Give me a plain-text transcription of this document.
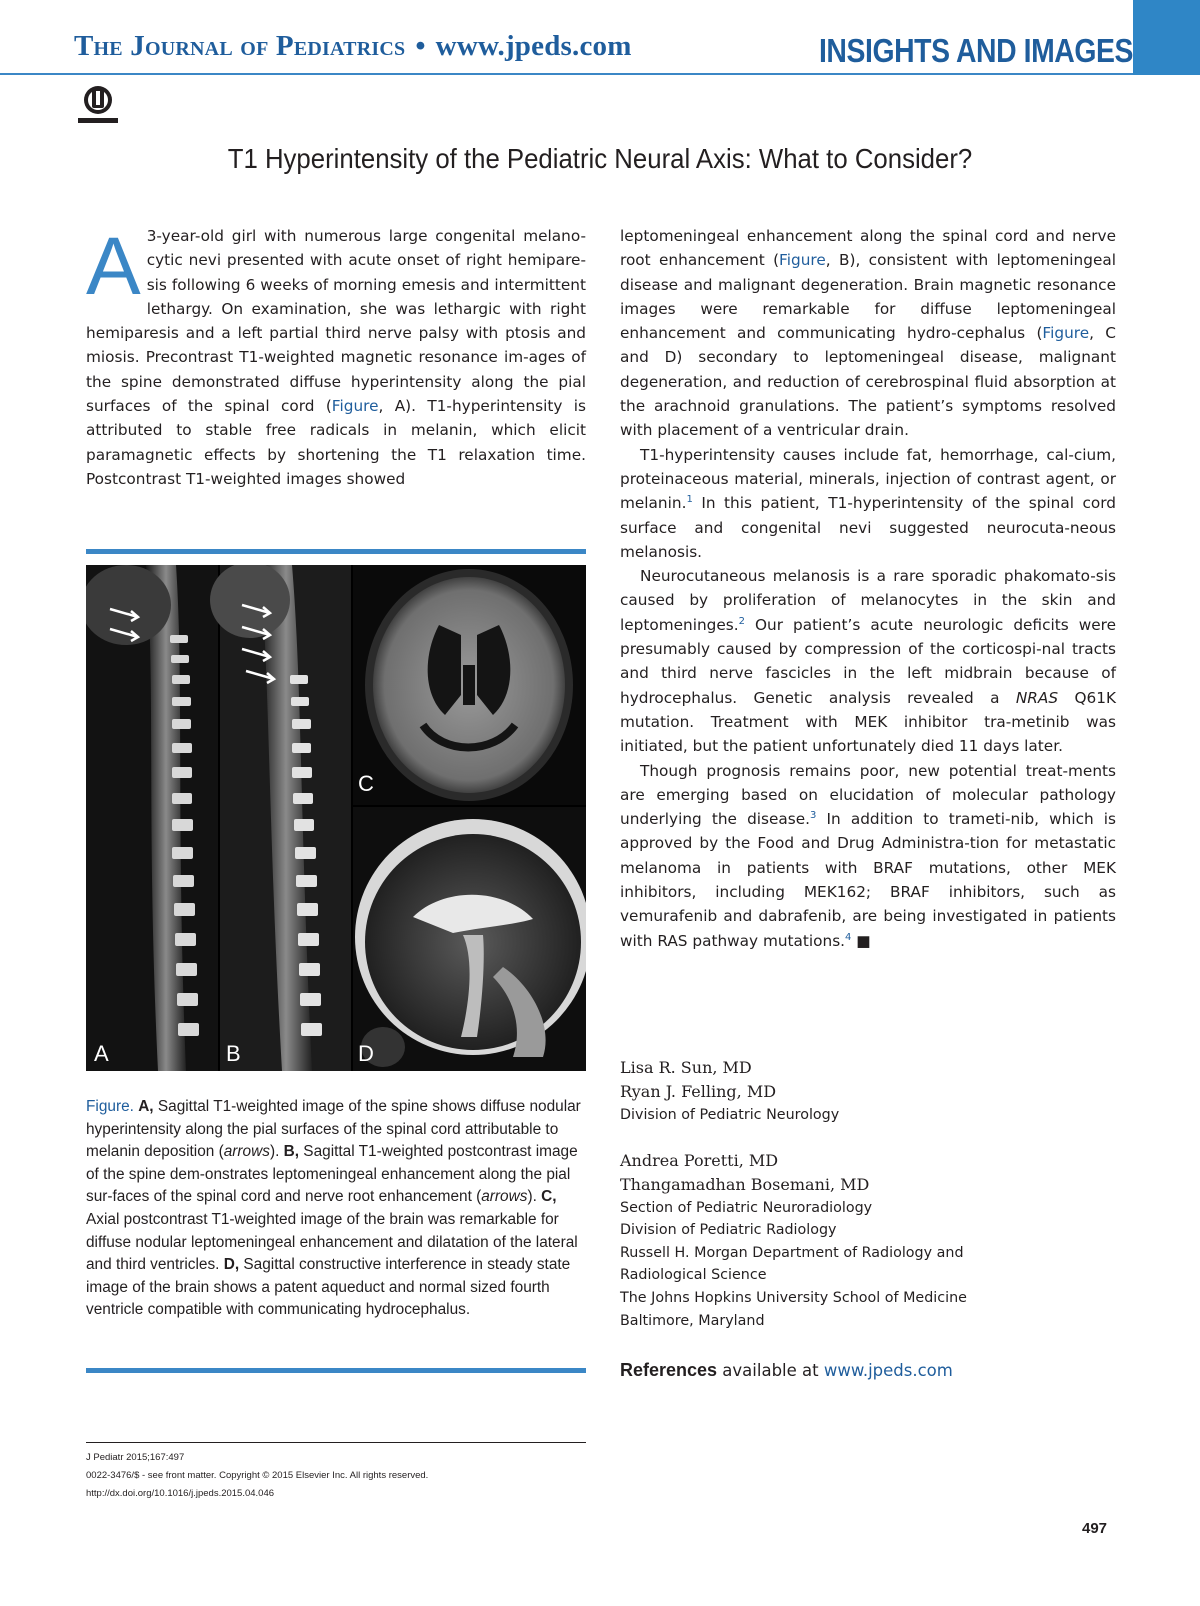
The Journal of Pediatrics • www.jpeds.com	INSIGHTS AND IMAGES
T1 Hyperintensity of the Pediatric Neural Axis: What to Consider?

A 3-year-old girl with numerous large congenital melano-cytic nevi presented with acute onset of right hemipare-sis following 6 weeks of morning emesis and intermittent lethargy. On examination, she was lethargic with right hemiparesis and a left partial third nerve palsy with ptosis and miosis. Precontrast T1-weighted magnetic resonance im-ages of the spine demonstrated diffuse hyperintensity along the pial surfaces of the spinal cord (Figure, A). T1-hyperintensity is attributed to stable free radicals in melanin, which elicit paramagnetic effects by shortening the T1 relaxation time. Postcontrast T1-weighted images showed

A	B
C
D
Figure. A, Sagittal T1-weighted image of the spine shows diffuse nodular hyperintensity along the pial surfaces of the spinal cord attributable to melanin deposition (arrows). B, Sagittal T1-weighted postcontrast image of the spine dem-onstrates leptomeningeal enhancement along the pial sur-faces of the spinal cord and nerve root enhancement (arrows). C, Axial postcontrast T1-weighted image of the brain was remarkable for diffuse nodular leptomeningeal enhancement and dilatation of the lateral and third ventricles. D, Sagittal constructive interference in steady state image of the brain shows a patent aqueduct and normal sized fourth ventricle compatible with communicating hydrocephalus.

leptomeningeal enhancement along the spinal cord and nerve root enhancement (Figure, B), consistent with leptomeningeal disease and malignant degeneration. Brain magnetic resonance images were remarkable for diffuse leptomeningeal enhancement and communicating hydro-cephalus (Figure, C and D) secondary to leptomeningeal disease, malignant degeneration, and reduction of cerebrospinal fluid absorption at the arachnoid granulations. The patient’s symptoms resolved with placement of a ventricular drain.

T1-hyperintensity causes include fat, hemorrhage, cal-cium, proteinaceous material, minerals, injection of contrast agent, or melanin.$^1$ In this patient, T1-hyperintensity of the spinal cord surface and congenital nevi suggested neurocuta-neous melanosis.

Neurocutaneous melanosis is a rare sporadic phakomato-sis caused by proliferation of melanocytes in the skin and leptomeninges.$^2$ Our patient’s acute neurologic deficits were presumably caused by compression of the corticospi-nal tracts and third nerve fascicles in the left midbrain because of hydrocephalus. Genetic analysis revealed a NRAS Q61K mutation. Treatment with MEK inhibitor tra-metinib was initiated, but the patient unfortunately died 11 days later.

Though prognosis remains poor, new potential treat-ments are emerging based on elucidation of molecular pathology underlying the disease.$^3$ In addition to trameti-nib, which is approved by the Food and Drug Administra-tion for metastatic melanoma in patients with BRAF mutations, other MEK inhibitors, including MEK162; BRAF inhibitors, such as vemurafenib and dabrafenib, are being investigated in patients with RAS pathway mutations.$^4$ ■

Lisa R. Sun, MD
Ryan J. Felling, MD
Division of Pediatric Neurology
Andrea Poretti, MD
Thangamadhan Bosemani, MD
Section of Pediatric Neuroradiology
Division of Pediatric Radiology
Russell H. Morgan Department of Radiology and
Radiological Science
The Johns Hopkins University School of Medicine
Baltimore, Maryland
References available at www.jpeds.com
J Pediatr 2015;167:497
0022-3476/$ - see front matter. Copyright © 2015 Elsevier Inc. All rights reserved.
http://dx.doi.org/10.1016/j.jpeds.2015.04.046
497
